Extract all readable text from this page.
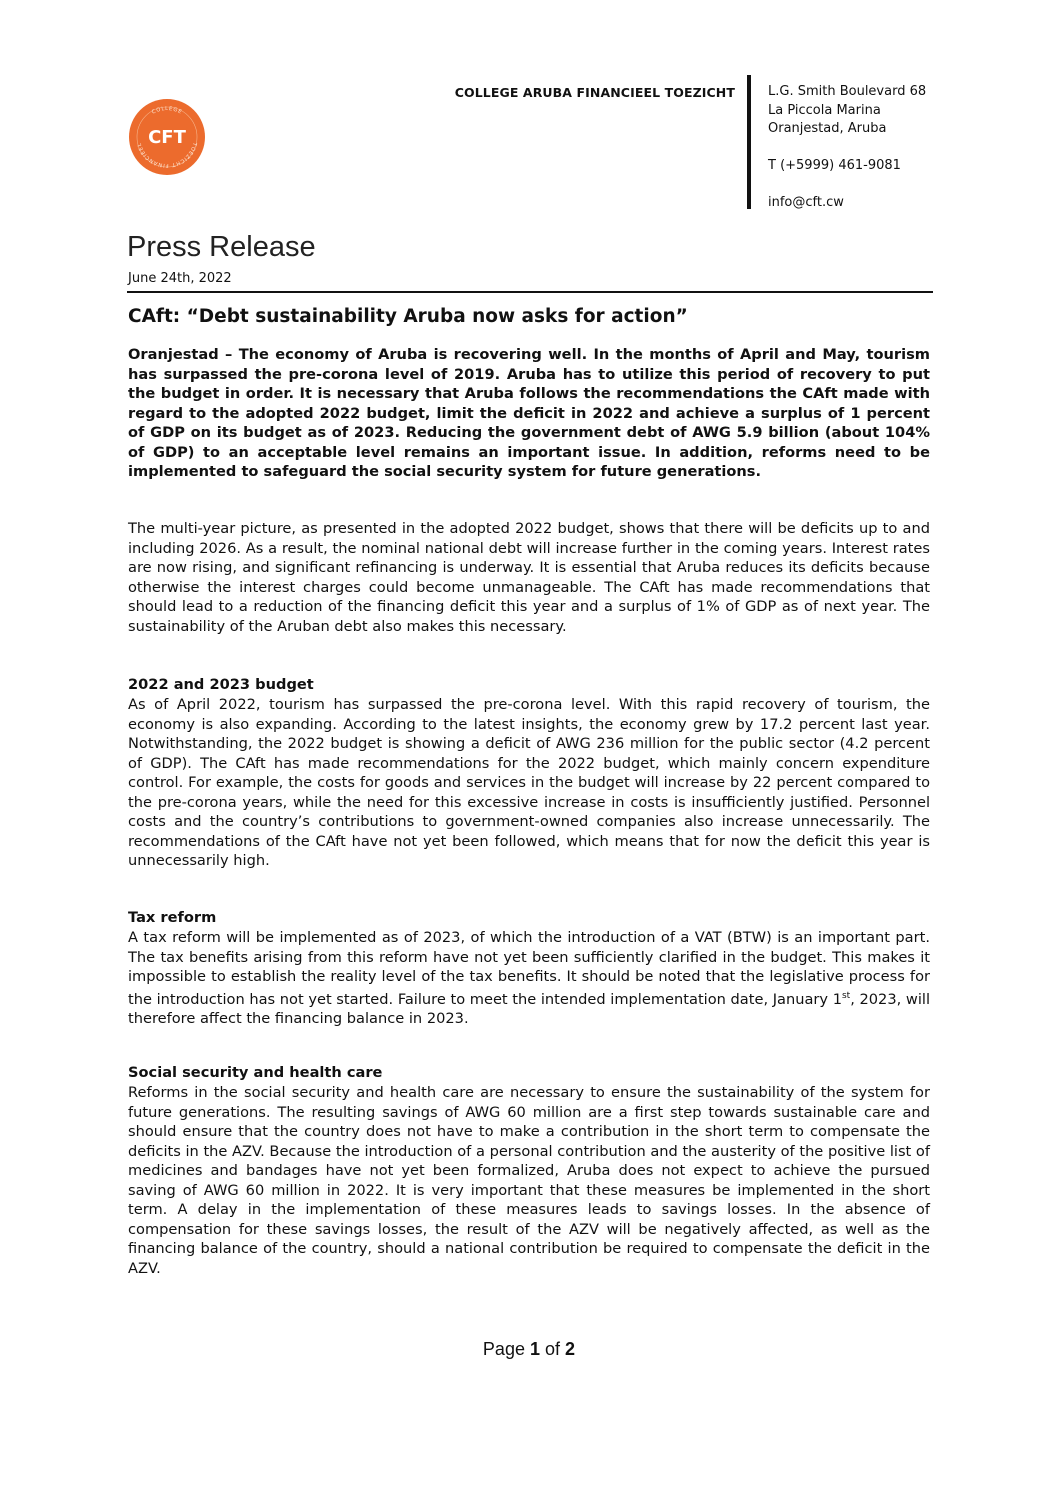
COLLEGE
TOEZICHT FINANCIEEL CFT
COLLEGE ARUBA FINANCIEEL TOEZICHT	L.G. Smith Boulevard 68
La Piccola Marina
Oranjestad, Aruba
T (+5999) 461-9081
info@cft.cw
Press Release
June 24th, 2022
CAft: “Debt sustainability Aruba now asks for action”
Oranjestad – The economy of Aruba is recovering well. In the months of April and May, tourism has surpassed the pre-corona level of 2019. Aruba has to utilize this period of recovery to put the budget in order. It is necessary that Aruba follows the recommendations the CAft made with regard to the adopted 2022 budget, limit the deficit in 2022 and achieve a surplus of 1 percent of GDP on its budget as of 2023. Reducing the government debt of AWG 5.9 billion (about 104% of GDP) to an acceptable level remains an important issue. In addition, reforms need to be implemented to safeguard the social security system for future generations.
The multi-year picture, as presented in the adopted 2022 budget, shows that there will be deficits up to and including 2026. As a result, the nominal national debt will increase further in the coming years. Interest rates are now rising, and significant refinancing is underway. It is essential that Aruba reduces its deficits because otherwise the interest charges could become unmanageable. The CAft has made recommendations that should lead to a reduction of the financing deficit this year and a surplus of 1% of GDP as of next year. The sustainability of the Aruban debt also makes this necessary.
2022 and 2023 budget
As of April 2022, tourism has surpassed the pre-corona level. With this rapid recovery of tourism, the economy is also expanding. According to the latest insights, the economy grew by 17.2 percent last year. Notwithstanding, the 2022 budget is showing a deficit of AWG 236 million for the public sector (4.2 percent of GDP). The CAft has made recommendations for the 2022 budget, which mainly concern expenditure control. For example, the costs for goods and services in the budget will increase by 22 percent compared to the pre-corona years, while the need for this excessive increase in costs is insufficiently justified. Personnel costs and the country’s contributions to government-owned companies also increase unnecessarily. The recommendations of the CAft have not yet been followed, which means that for now the deficit this year is unnecessarily high.
Tax reform
A tax reform will be implemented as of 2023, of which the introduction of a VAT (BTW) is an important part. The tax benefits arising from this reform have not yet been sufficiently clarified in the budget. This makes it impossible to establish the reality level of the tax benefits. It should be noted that the legislative process for the introduction has not yet started. Failure to meet the intended implementation date, January 1st, 2023, will therefore affect the financing balance in 2023.
Social security and health care
Reforms in the social security and health care are necessary to ensure the sustainability of the system for future generations. The resulting savings of AWG 60 million are a first step towards sustainable care and should ensure that the country does not have to make a contribution in the short term to compensate the deficits in the AZV. Because the introduction of a personal contribution and the austerity of the positive list of medicines and bandages have not yet been formalized, Aruba does not expect to achieve the pursued saving of AWG 60 million in 2022. It is very important that these measures be implemented in the short term. A delay in the implementation of these measures leads to savings losses. In the absence of compensation for these savings losses, the result of the AZV will be negatively affected, as well as the financing balance of the country, should a national contribution be required to compensate the deficit in the AZV.
Page 1 of 2
